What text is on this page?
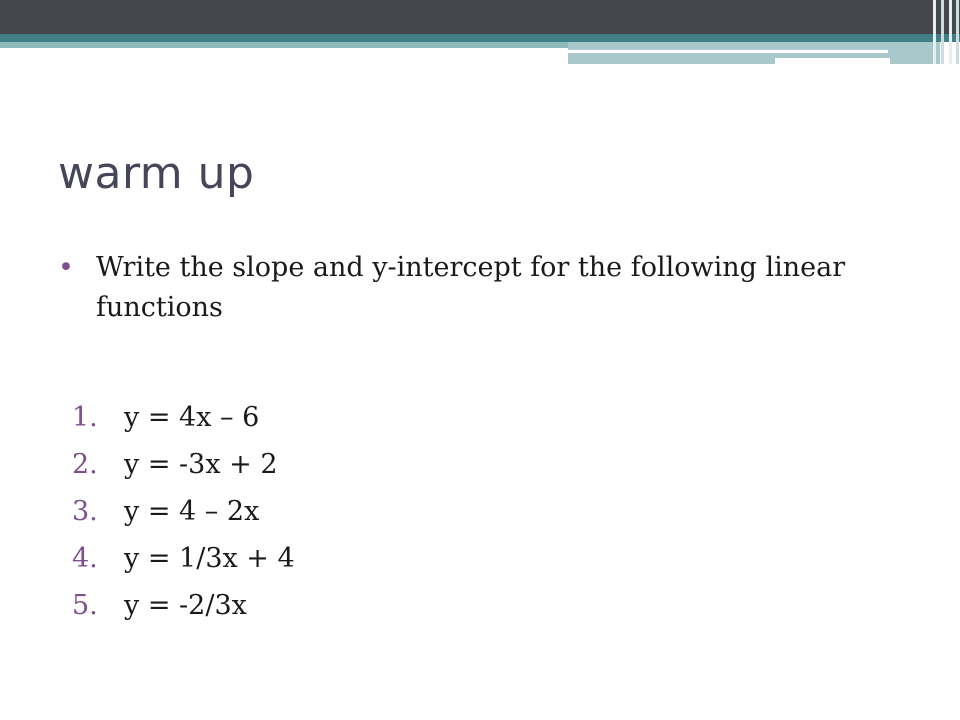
warm up
• Write the slope and y-intercept for the following linear functions
1. y = 4x – 6
2. y = -3x + 2
3. y = 4 – 2x
4. y = 1/3x + 4
5. y = -2/3x
